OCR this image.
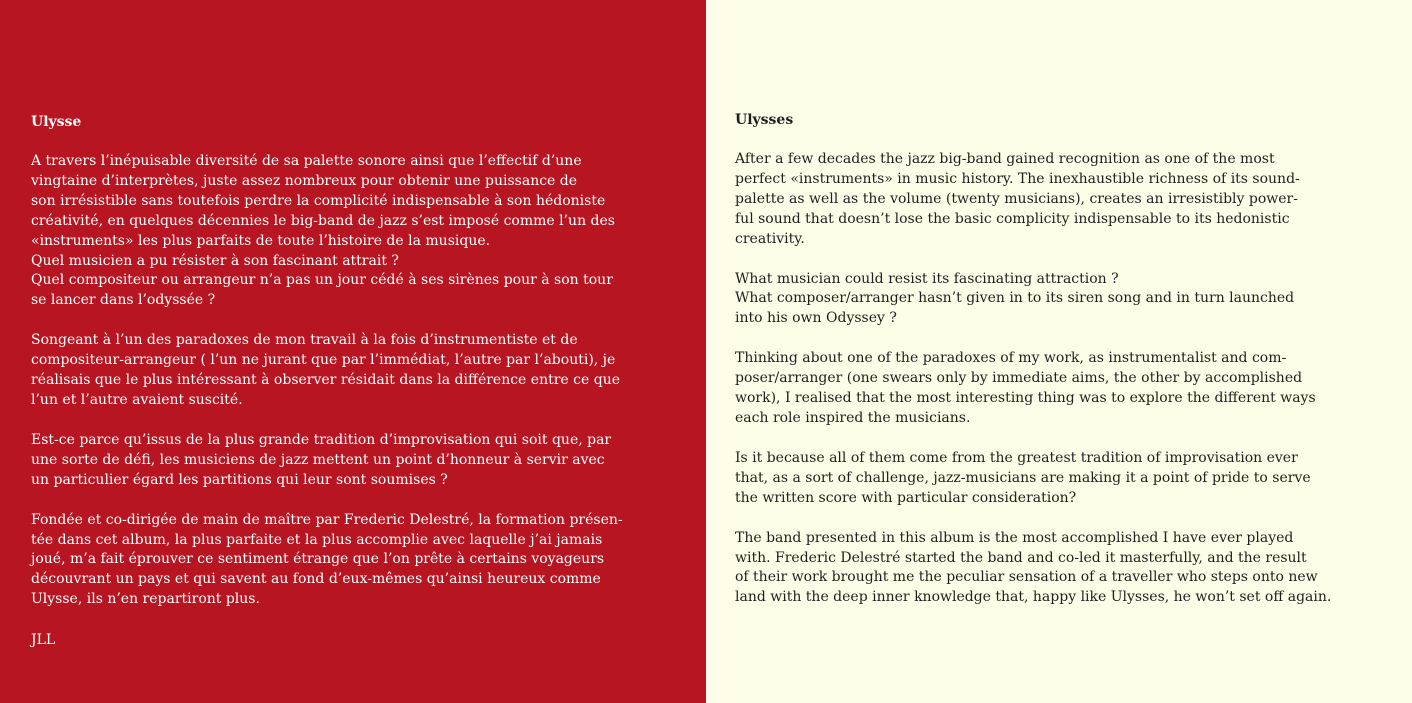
Ulysse
A travers l’inépuisable diversité de sa palette sonore ainsi que l’effectif d’une
vingtaine d’interprètes, juste assez nombreux pour obtenir une puissance de
son irrésistible sans toutefois perdre la complicité indispensable à son hédoniste
créativité, en quelques décennies le big-band de jazz s’est imposé comme l’un des
«instruments» les plus parfaits de toute l’histoire de la musique.
Quel musicien a pu résister à son fascinant attrait ?
Quel compositeur ou arrangeur n’a pas un jour cédé à ses sirènes pour à son tour
se lancer dans l’odyssée ?
Songeant à l’un des paradoxes de mon travail à la fois d’instrumentiste et de
compositeur-arrangeur ( l’un ne jurant que par l’immédiat, l’autre par l’abouti), je
réalisais que le plus intéressant à observer résidait dans la différence entre ce que
l’un et l’autre avaient suscité.
Est-ce parce qu’issus de la plus grande tradition d’improvisation qui soit que, par
une sorte de défi, les musiciens de jazz mettent un point d’honneur à servir avec
un particulier égard les partitions qui leur sont soumises ?
Fondée et co-dirigée de main de maître par Frederic Delestré, la formation présen-
tée dans cet album, la plus parfaite et la plus accomplie avec laquelle j’ai jamais
joué, m’a fait éprouver ce sentiment étrange que l’on prête à certains voyageurs
découvrant un pays et qui savent au fond d’eux-mêmes qu’ainsi heureux comme
Ulysse, ils n’en repartiront plus.
JLL
Ulysses
After a few decades the jazz big-band gained recognition as one of the most
perfect «instruments» in music history. The inexhaustible richness of its sound-
palette as well as the volume (twenty musicians), creates an irresistibly power-
ful sound that doesn’t lose the basic complicity indispensable to its hedonistic
creativity.
What musician could resist its fascinating attraction ?
What composer/arranger hasn’t given in to its siren song and in turn launched
into his own Odyssey ?
Thinking about one of the paradoxes of my work, as instrumentalist and com-
poser/arranger (one swears only by immediate aims, the other by accomplished
work), I realised that the most interesting thing was to explore the different ways
each role inspired the musicians.
Is it because all of them come from the greatest tradition of improvisation ever
that, as a sort of challenge, jazz-musicians are making it a point of pride to serve
the written score with particular consideration?
The band presented in this album is the most accomplished I have ever played
with. Frederic Delestré started the band and co-led it masterfully, and the result
of their work brought me the peculiar sensation of a traveller who steps onto new
land with the deep inner knowledge that, happy like Ulysses, he won’t set off again.
